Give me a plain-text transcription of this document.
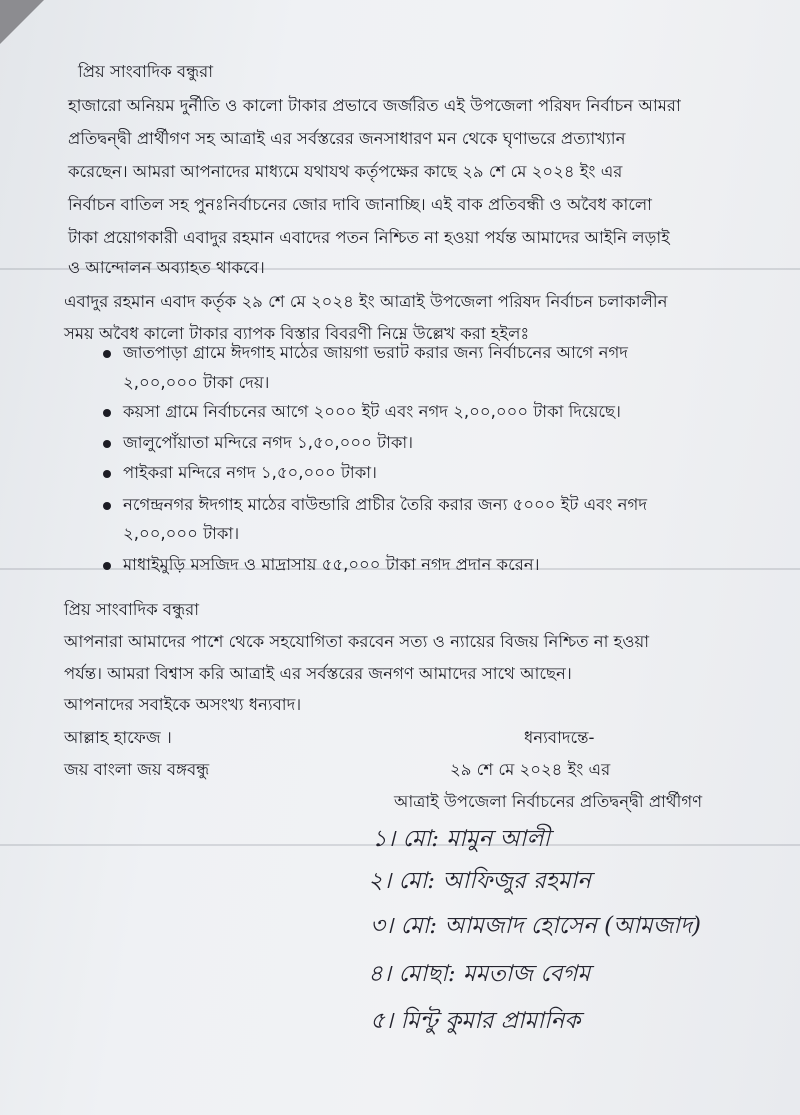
প্রিয় সাংবাদিক বন্ধুরা
হাজারো অনিয়ম দুর্নীতি ও কালো টাকার প্রভাবে জর্জরিত এই উপজেলা পরিষদ নির্বাচন আমরা
প্রতিদ্বন্দ্বী প্রার্থীগণ সহ আত্রাই এর সর্বস্তরের জনসাধারণ মন থেকে ঘৃণাভরে প্রত্যাখ্যান
করেছেন। আমরা আপনাদের মাধ্যমে যথাযথ কর্তৃপক্ষের কাছে ২৯ শে মে ২০২৪ ইং এর
নির্বাচন বাতিল সহ পুনঃনির্বাচনের জোর দাবি জানাচ্ছি। এই বাক প্রতিবন্ধী ও অবৈধ কালো
টাকা প্রয়োগকারী এবাদুর রহমান এবাদের পতন নিশ্চিত না হওয়া পর্যন্ত আমাদের আইনি লড়াই
ও আন্দোলন অব্যাহত থাকবে।
এবাদুর রহমান এবাদ কর্তৃক ২৯ শে মে ২০২৪ ইং আত্রাই উপজেলা পরিষদ নির্বাচন চলাকালীন
সময় অবৈধ কালো টাকার ব্যাপক বিস্তার বিবরণী নিম্নে উল্লেখ করা হইলঃ
জাতপাড়া গ্রামে ঈদগাহ মাঠের জায়গা ভরাট করার জন্য নির্বাচনের আগে নগদ
২,০০,০০০ টাকা দেয়।
কয়সা গ্রামে নির্বাচনের আগে ২০০০ ইট এবং নগদ ২,০০,০০০ টাকা দিয়েছে।
জালুপোঁয়াতা মন্দিরে নগদ ১,৫০,০০০ টাকা।
পাইকরা মন্দিরে নগদ ১,৫০,০০০ টাকা।
নগেন্দ্রনগর ঈদগাহ মাঠের বাউন্ডারি প্রাচীর তৈরি করার জন্য ৫০০০ ইট এবং নগদ
২,০০,০০০ টাকা।
মাধাইমুড়ি মসজিদ ও মাদ্রাসায় ৫৫,০০০ টাকা নগদ প্রদান করেন।
প্রিয় সাংবাদিক বন্ধুরা
আপনারা আমাদের পাশে থেকে সহযোগিতা করবেন সত্য ও ন্যায়ের বিজয় নিশ্চিত না হওয়া
পর্যন্ত। আমরা বিশ্বাস করি আত্রাই এর সর্বস্তরের জনগণ আমাদের সাথে আছেন।
আপনাদের সবাইকে অসংখ্য ধন্যবাদ।
আল্লাহ হাফেজ ।
জয় বাংলা জয় বঙ্গবন্ধু
ধন্যবাদন্তে-
২৯ শে মে ২০২৪ ইং এর
আত্রাই উপজেলা নির্বাচনের প্রতিদ্বন্দ্বী প্রার্থীগণ
১। মো: মামুন আলী
২। মো: আফিজুর রহমান
৩। মো: আমজাদ হোসেন (আমজাদ)
৪। মোছা: মমতাজ বেগম
৫। মিন্টু কুমার প্রামানিক
